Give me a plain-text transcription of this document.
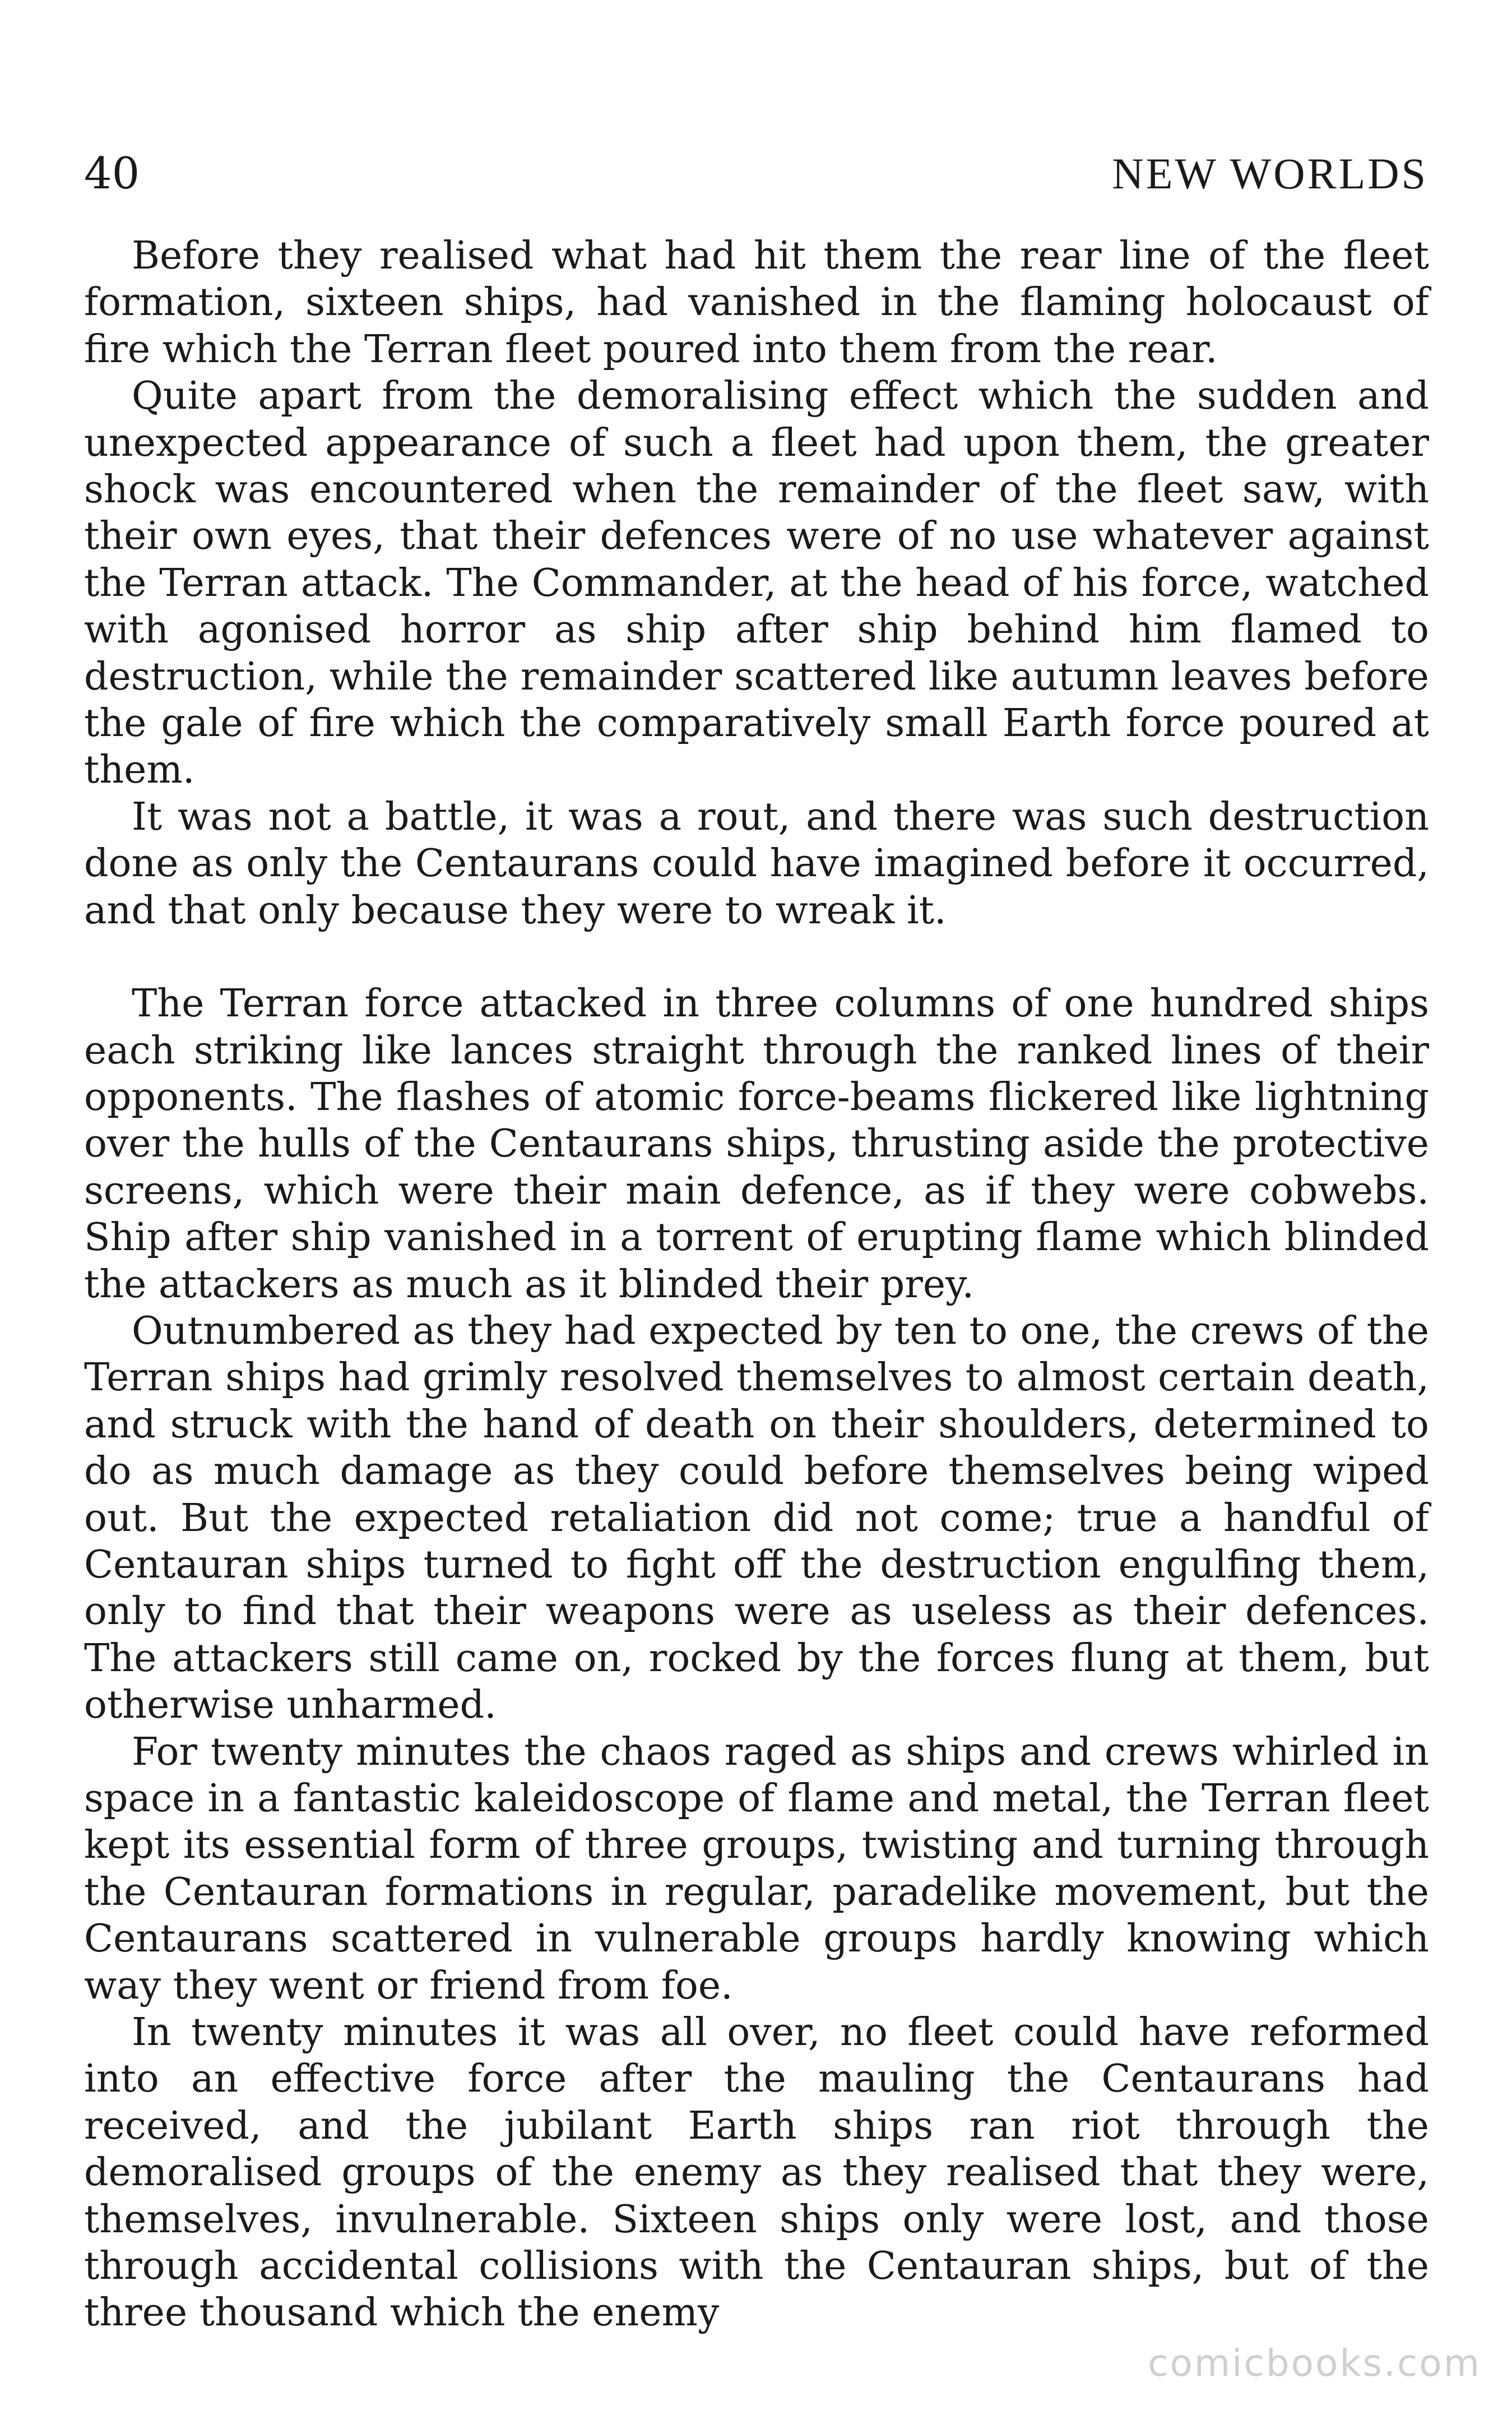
40	NEW WORLDS

Before they realised what had hit them the rear line of the fleet formation, sixteen ships, had vanished in the flaming holocaust of fire which the Terran fleet poured into them from the rear.

Quite apart from the demoralising effect which the sudden and unexpected appearance of such a fleet had upon them, the greater shock was encountered when the remainder of the fleet saw, with their own eyes, that their defences were of no use whatever against the Terran attack. The Commander, at the head of his force, watched with agonised horror as ship after ship behind him flamed to destruction, while the remainder scattered like autumn leaves before the gale of fire which the comparatively small Earth force poured at them.

It was not a battle, it was a rout, and there was such destruction done as only the Centaurans could have imagined before it occurred, and that only because they were to wreak it.

The Terran force attacked in three columns of one hundred ships each striking like lances straight through the ranked lines of their opponents. The flashes of atomic force-beams flickered like lightning over the hulls of the Centaurans ships, thrusting aside the protective screens, which were their main defence, as if they were cobwebs. Ship after ship vanished in a torrent of erupting flame which blinded the attackers as much as it blinded their prey.

Outnumbered as they had expected by ten to one, the crews of the Terran ships had grimly resolved themselves to almost certain death, and struck with the hand of death on their shoulders, determined to do as much damage as they could before themselves being wiped out. But the expected retaliation did not come; true a handful of Centauran ships turned to fight off the destruction engulfing them, only to find that their weapons were as useless as their defences. The attackers still came on, rocked by the forces flung at them, but otherwise unharmed.

For twenty minutes the chaos raged as ships and crews whirled in space in a fantastic kaleidoscope of flame and metal, the Terran fleet kept its essential form of three groups, twisting and turning through the Centauran formations in regular, paradelike movement, but the Centaurans scattered in vulnerable groups hardly knowing which way they went or friend from foe.

In twenty minutes it was all over, no fleet could have reformed into an effective force after the mauling the Centaurans had received, and the jubilant Earth ships ran riot through the demoralised groups of the enemy as they realised that they were, themselves, invulnerable. Sixteen ships only were lost, and those through accidental collisions with the Centauran ships, but of the three thousand which the enemy

comicbooks.com
